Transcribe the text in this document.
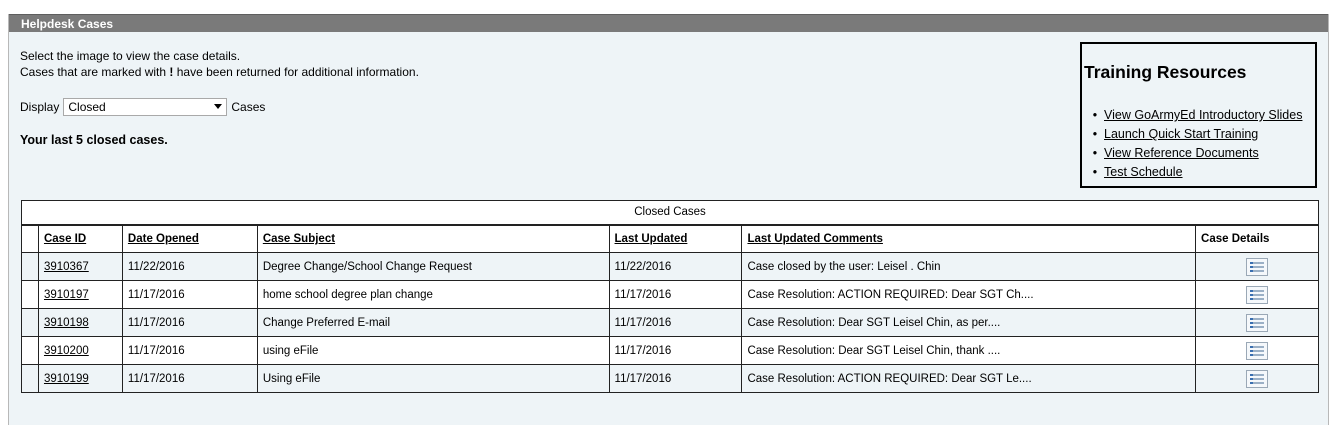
Helpdesk Cases
Select the image to view the case details.
Cases that are marked with ! have been returned for additional information.
Display Closed	Cases
Your last 5 closed cases.
Training Resources
• View GoArmyEd Introductory Slides
• Launch Quick Start Training
• View Reference Documents
• Test Schedule
Closed Cases						
	Case ID	Date Opened	Case Subject	Last Updated	Last Updated Comments	Case Details
	3910367	11/22/2016	Degree Change/School Change Request	11/22/2016	Case closed by the user: Leisel . Chin	

	3910197	11/17/2016	home school degree plan change	11/17/2016	Case Resolution: ACTION REQUIRED: Dear SGT Ch....	

	3910198	11/17/2016	Change Preferred E-mail	11/17/2016	Case Resolution: Dear SGT Leisel Chin, as per....	

	3910200	11/17/2016	using eFile	11/17/2016	Case Resolution: Dear SGT Leisel Chin, thank ....	

	3910199	11/17/2016	Using eFile	11/17/2016	Case Resolution: ACTION REQUIRED: Dear SGT Le....	
